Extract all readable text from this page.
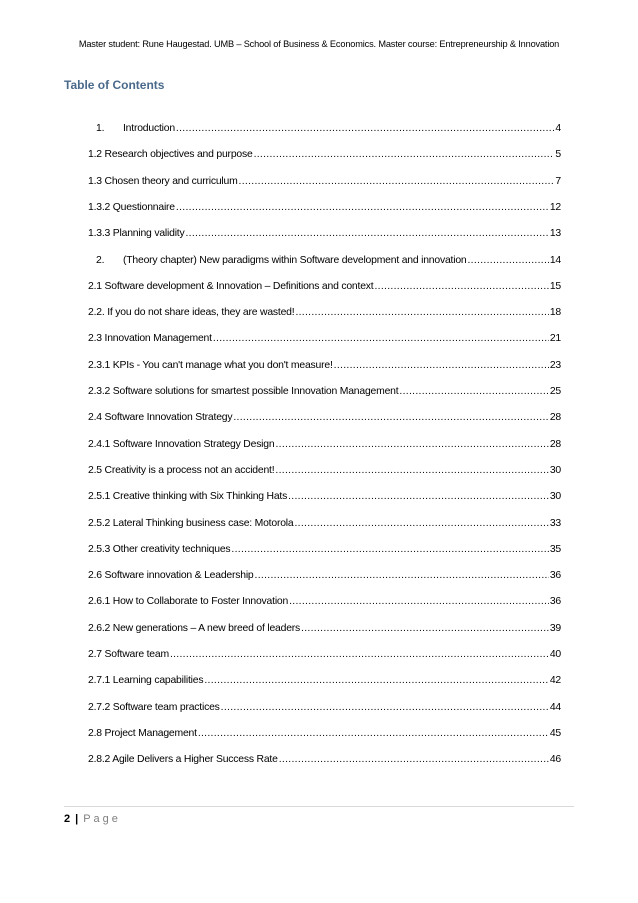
Master student: Rune Haugestad. UMB – School of Business & Economics. Master course: Entrepreneurship & Innovation
Table of Contents
1. Introduction .....	4
1.2 Research objectives and purpose .....	5
1.3 Chosen theory and curriculum .....	7
1.3.2 Questionnaire .....	12
1.3.3 Planning validity .....	13
2. (Theory chapter) New paradigms within Software development and innovation .....	14
2.1 Software development & Innovation – Definitions and context .....	15
2.2. If you do not share ideas, they are wasted! .....	18
2.3 Innovation Management .....	21
2.3.1 KPIs - You can't manage what you don't measure! .....	23
2.3.2 Software solutions for smartest possible Innovation Management .....	25
2.4 Software Innovation Strategy .....	28
2.4.1 Software Innovation Strategy Design .....	28
2.5 Creativity is a process not an accident! .....	30
2.5.1 Creative thinking with Six Thinking Hats .....	30
2.5.2 Lateral Thinking business case: Motorola .....	33
2.5.3 Other creativity techniques .....	35
2.6 Software innovation & Leadership .....	36
2.6.1 How to Collaborate to Foster Innovation .....	36
2.6.2 New generations – A new breed of leaders .....	39
2.7 Software team .....	40
2.7.1 Learning capabilities .....	42
2.7.2 Software team practices .....	44
2.8 Project Management .....	45
2.8.2 Agile Delivers a Higher Success Rate .....	46
2 | Page
